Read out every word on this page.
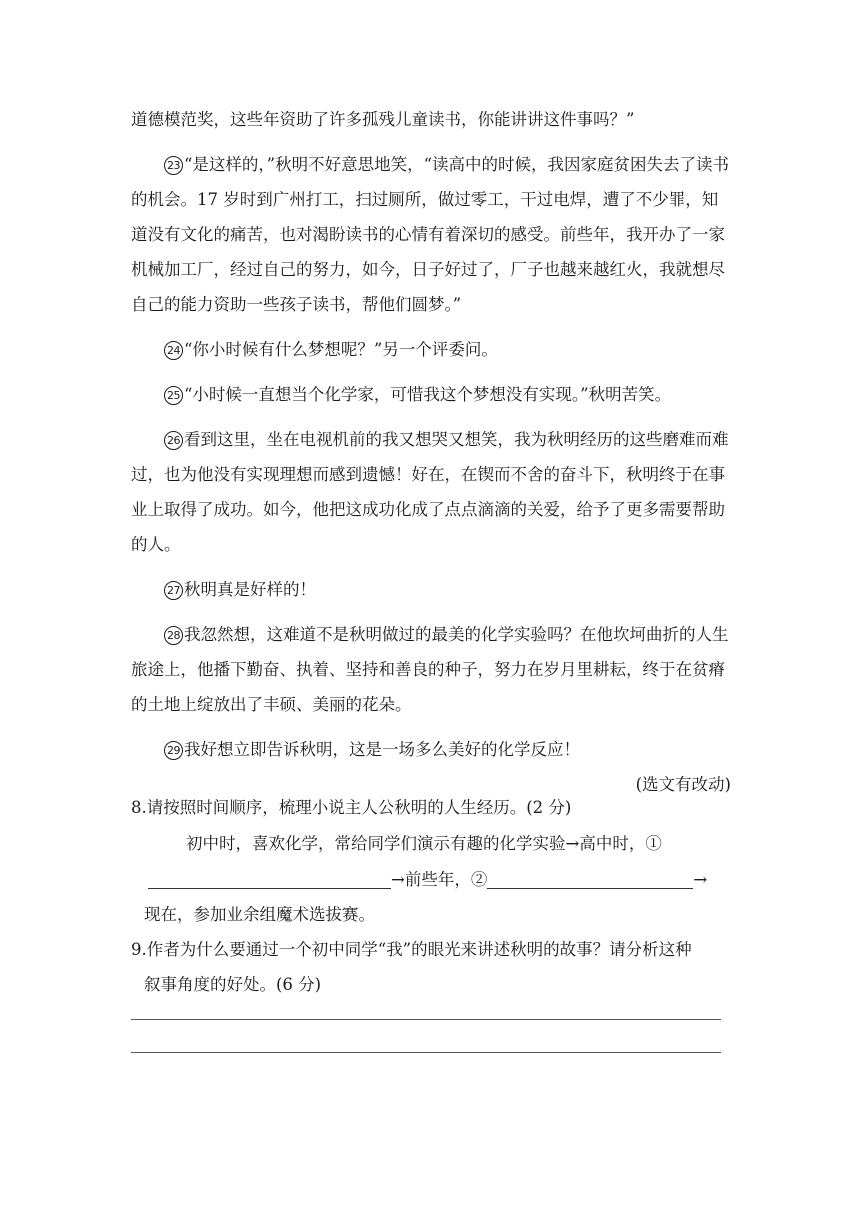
道德模范奖，这些年资助了许多孤残儿童读书，你能讲讲这件事吗？”

23 “是这样的，”秋明不好意思地笑，“读高中的时候，我因家庭贫困失去了读书的机会。17 岁时到广州打工，扫过厕所，做过零工，干过电焊，遭了不少罪，知道没有文化的痛苦，也对渴盼读书的心情有着深切的感受。前些年，我开办了一家机械加工厂，经过自己的努力，如今，日子好过了，厂子也越来越红火，我就想尽自己的能力资助一些孩子读书，帮他们圆梦。”

24 “你小时候有什么梦想呢？”另一个评委问。

25 “小时候一直想当个化学家，可惜我这个梦想没有实现。”秋明苦笑。

26 看到这里，坐在电视机前的我又想哭又想笑，我为秋明经历的这些磨难而难过，也为他没有实现理想而感到遗憾！好在，在锲而不舍的奋斗下，秋明终于在事业上取得了成功。如今，他把这成功化成了点点滴滴的关爱，给予了更多需要帮助的人。

27 秋明真是好样的！

28 我忽然想，这难道不是秋明做过的最美的化学实验吗？在他坎坷曲折的人生旅途上，他播下勤奋、执着、坚持和善良的种子，努力在岁月里耕耘，终于在贫瘠的土地上绽放出了丰硕、美丽的花朵。

29 我好想立即告诉秋明，这是一场多么美好的化学反应！

(选文有改动)

8.请按照时间顺序，梳理小说主人公秋明的人生经历。(2 分)

初中时，喜欢化学，常给同学们演示有趣的化学实验→高中时，①

→前些年，②	→

现在，参加业余组魔术选拔赛。

9.作者为什么要通过一个初中同学“我”的眼光来讲述秋明的故事？请分析这种

叙事角度的好处。(6 分)
